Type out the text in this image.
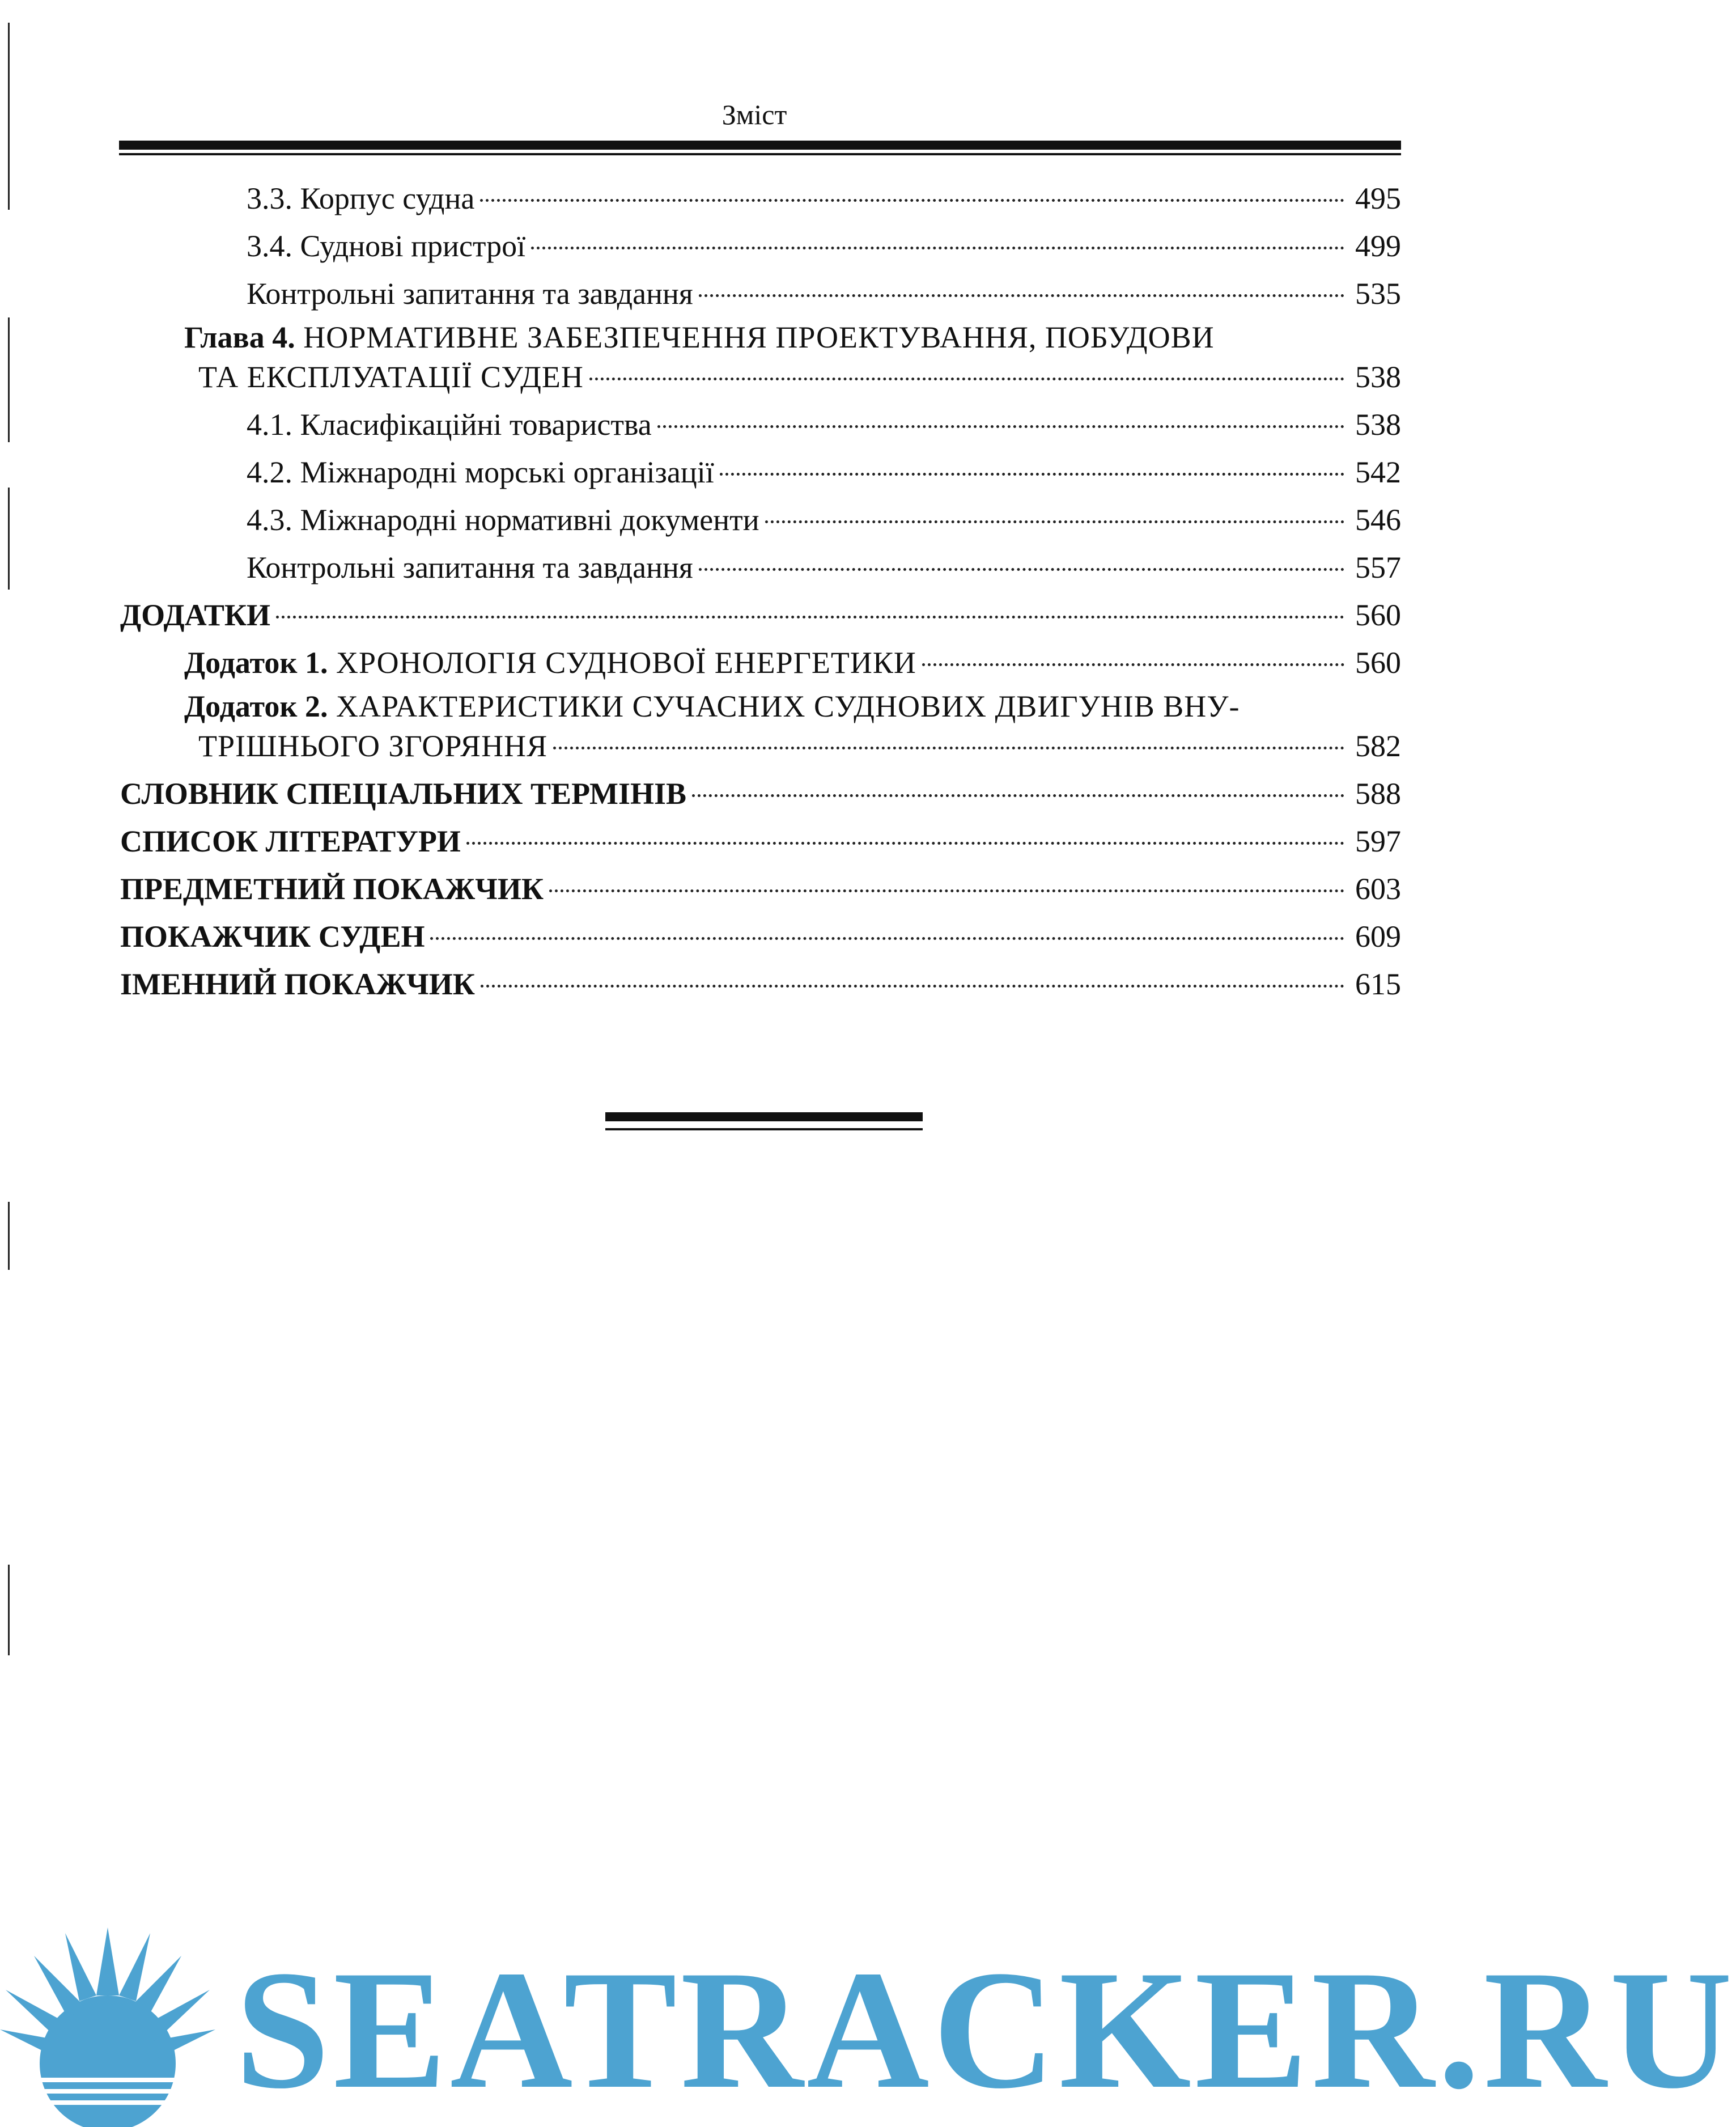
Зміст
3.3. Корпус судна	495
3.4. Суднові пристрої	499
Контрольні запитання та завдання	535
Глава 4. НОРМАТИВНЕ ЗАБЕЗПЕЧЕННЯ ПРОЕКТУВАННЯ, ПОБУДОВИ
ТА ЕКСПЛУАТАЦІЇ СУДЕН	538
4.1. Класифікаційні товариства	538
4.2. Міжнародні морські організації	542
4.3. Міжнародні нормативні документи	546
Контрольні запитання та завдання	557
ДОДАТКИ	560
Додаток 1. ХРОНОЛОГІЯ СУДНОВОЇ ЕНЕРГЕТИКИ	560
Додаток 2. ХАРАКТЕРИСТИКИ СУЧАСНИХ СУДНОВИХ ДВИГУНІВ ВНУ-
ТРІШНЬОГО ЗГОРЯННЯ	582
СЛОВНИК СПЕЦІАЛЬНИХ ТЕРМІНІВ	588
СПИСОК ЛІТЕРАТУРИ	597
ПРЕДМЕТНИЙ ПОКАЖЧИК	603
ПОКАЖЧИК СУДЕН	609
ІМЕННИЙ ПОКАЖЧИК	615
SEATRACKER.RU
